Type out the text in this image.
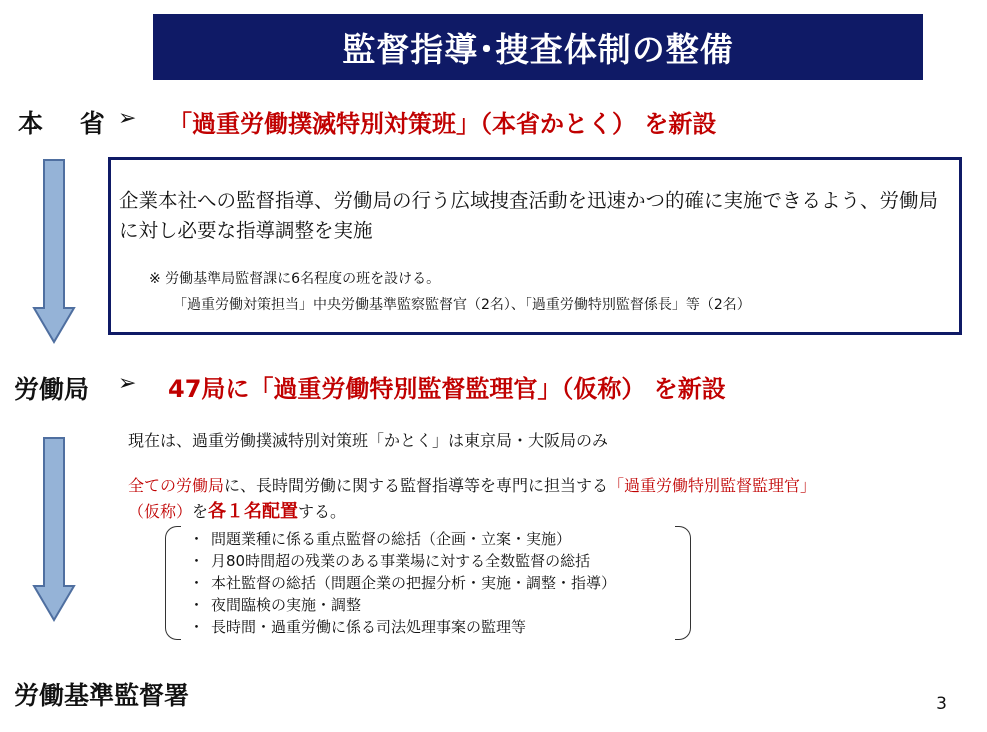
監督指導･捜査体制の整備
本 省 ➢ 「過重労働撲滅特別対策班」（本省かとく） を新設
企業本社への監督指導、労働局の行う広域捜査活動を迅速かつ的確に実施できるよう、労働局に対し必要な指導調整を実施
※ 労働基準局監督課に6名程度の班を設ける。
「過重労働対策担当」中央労働基準監察監督官（2名）、「過重労働特別監督係長」等（2名）
労働局 ➢ 47局に「過重労働特別監督監理官」（仮称） を新設
現在は、過重労働撲滅特別対策班「かとく」は東京局・大阪局のみ
全ての労働局に、長時間労働に関する監督指導等を専門に担当する「過重労働特別監督監理官」
（仮称）を各１名配置する。
・ 問題業種に係る重点監督の総括（企画・立案・実施）
・ 月80時間超の残業のある事業場に対する全数監督の総括
・ 本社監督の総括（問題企業の把握分析・実施・調整・指導）
・ 夜間臨検の実施・調整
・ 長時間・過重労働に係る司法処理事案の監理等
労働基準監督署	3
